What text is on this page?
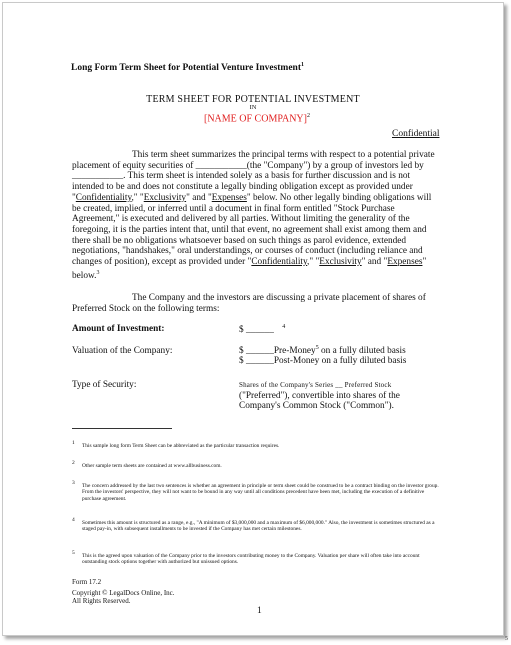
Long Form Term Sheet for Potential Venture Investment$^1$
TERM SHEET FOR POTENTIAL INVESTMENT
IN
[NAME OF COMPANY]$^2$
Confidential
This term sheet summarizes the principal terms with respect to a potential private placement of equity securities of ___________(the "Company") by a group of investors led by ___________. This term sheet is intended solely as a basis for further discussion and is not intended to be and does not constitute a legally binding obligation except as provided under "Confidentiality," "Exclusivity" and "Expenses" below. No other legally binding obligations will be created, implied, or inferred until a document in final form entitled "Stock Purchase Agreement," is executed and delivered by all parties. Without limiting the generality of the foregoing, it is the parties intent that, until that event, no agreement shall exist among them and there shall be no obligations whatsoever based on such things as parol evidence, extended negotiations, "handshakes," oral understandings, or courses of conduct (including reliance and changes of position), except as provided under "Confidentiality," "Exclusivity" and "Expenses" below.$^3$
The Company and the investors are discussing a private placement of shares of Preferred Stock on the following terms:
Amount of Investment:	$ ______ $^4$
Valuation of the Company:	$ ______Pre-Money$^5$ on a fully diluted basis
$ ______Post-Money on a fully diluted basis
Type of Security:	Shares of the Company's Series __ Preferred Stock ("Preferred"), convertible into shares of the Company's Common Stock ("Common").
1	This sample long form Term Sheet can be abbreviated as the particular transaction requires.
2	Other sample term sheets are contained at www.allbusiness.com.
3	The concern addressed by the last two sentences is whether an agreement in principle or term sheet could be construed to be a contract binding on the investor group. From the investors' perspective, they will not want to be bound in any way until all conditions precedent have been met, including the execution of a definitive purchase agreement.
4	Sometimes this amount is structured as a range, e.g., "A minimum of $3,000,000 and a maximum of $6,000,000." Also, the investment is sometimes structured as a staged pay-in, with subsequent installments to be invested if the Company has met certain milestones.
5	This is the agreed upon valuation of the Company prior to the investors contributing money to the Company. Valuation per share will often take into account outstanding stock options together with authorized but unissued options.
Form 17.2
Copyright © LegalDocs Online, Inc.
All Rights Reserved.
1
5
